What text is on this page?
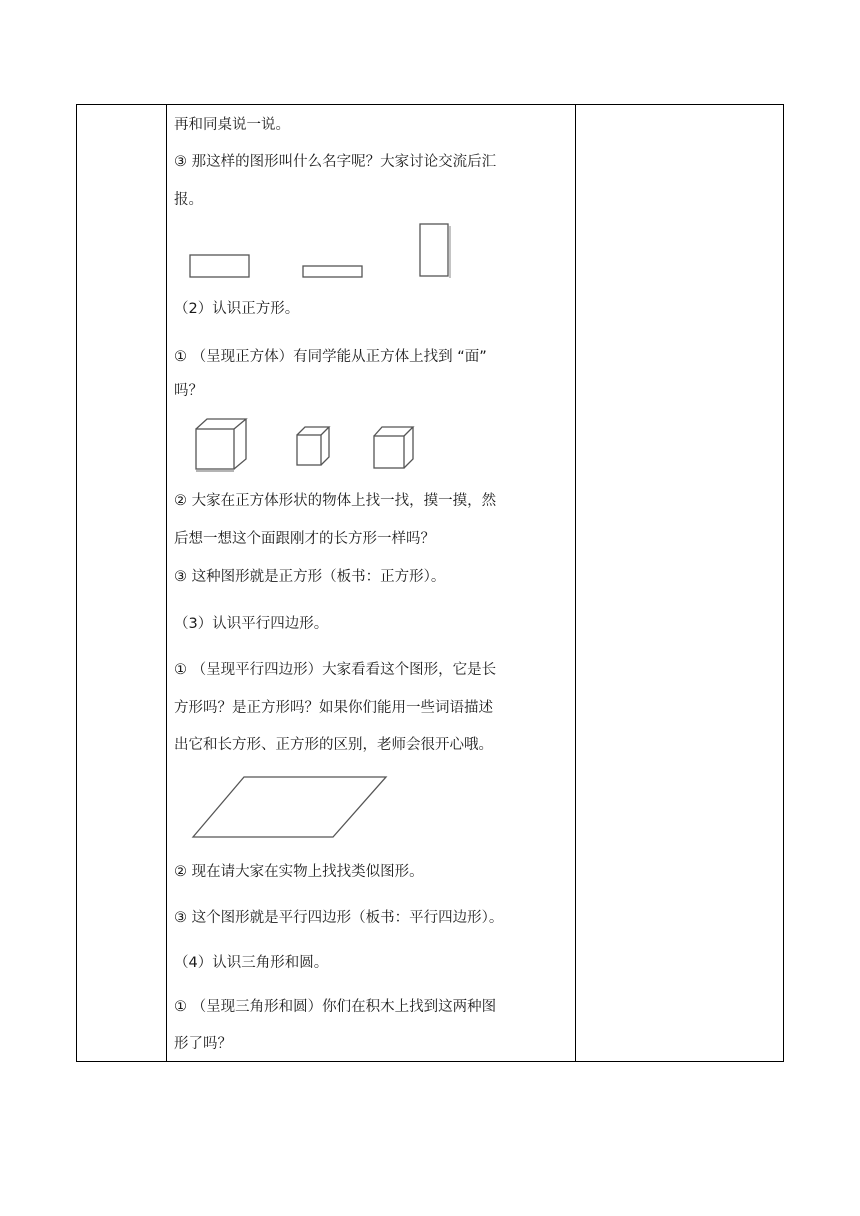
再和同桌说一说。
③ 那这样的图形叫什么名字呢？大家讨论交流后汇
报。
（2）认识正方形。
① （呈现正方体）有同学能从正方体上找到 “面”
吗？
② 大家在正方体形状的物体上找一找，摸一摸，然
后想一想这个面跟刚才的长方形一样吗？
③ 这种图形就是正方形（板书：正方形）。
（3）认识平行四边形。
① （呈现平行四边形）大家看看这个图形，它是长
方形吗？是正方形吗？如果你们能用一些词语描述
出它和长方形、正方形的区别，老师会很开心哦。
② 现在请大家在实物上找找类似图形。
③ 这个图形就是平行四边形（板书：平行四边形）。
（4）认识三角形和圆。
① （呈现三角形和圆）你们在积木上找到这两种图
形了吗？
